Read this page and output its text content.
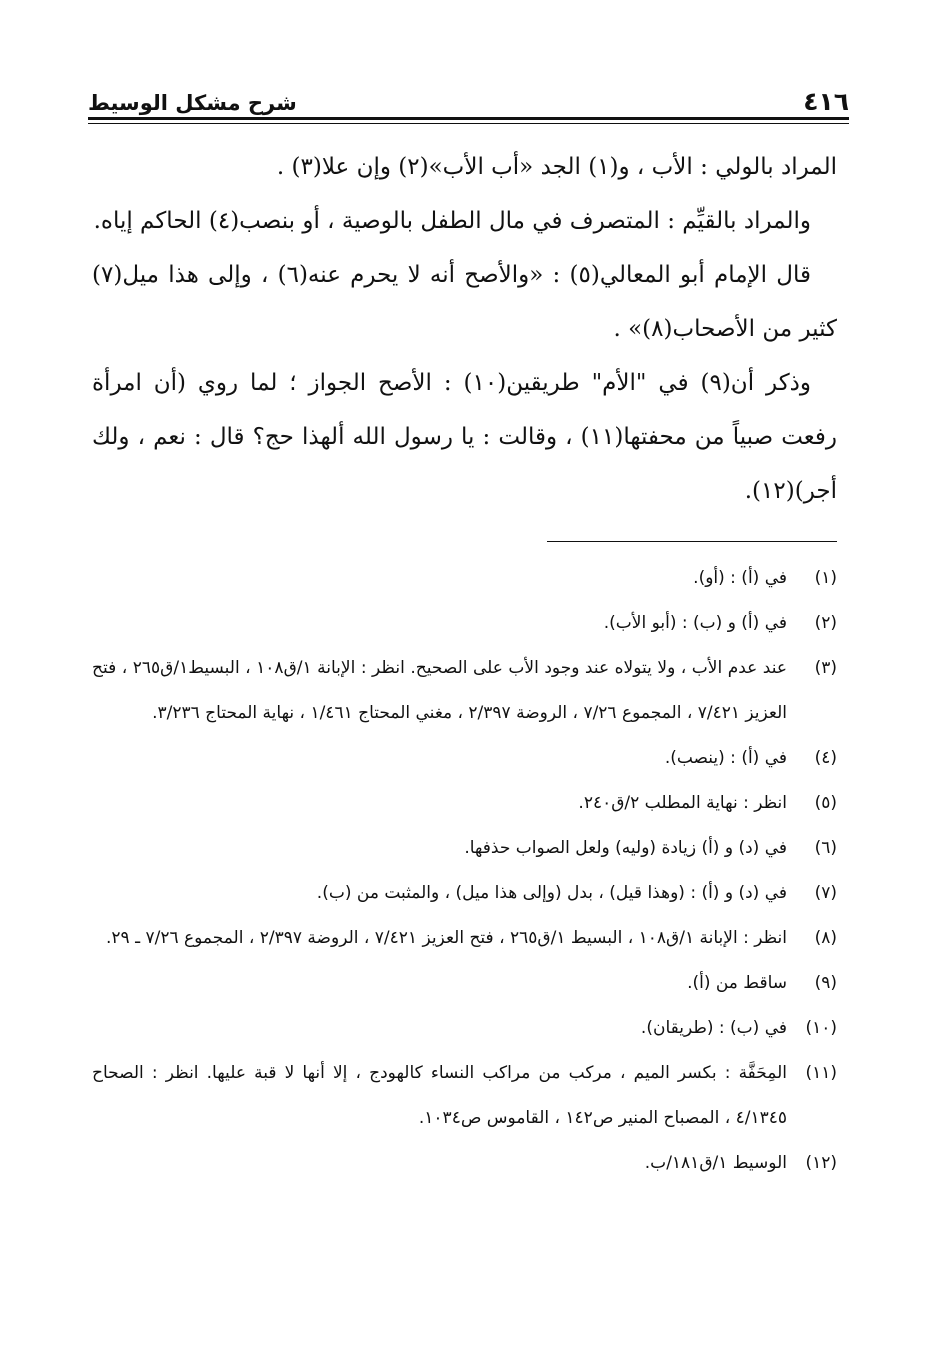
٤١٦
شرح مشكل الوسيط

المراد بالولي : الأب ، و(١) الجد «أب الأب»(٢) وإن علا(٣) .

والمراد بالقيِّم : المتصرف في مال الطفل بالوصية ، أو بنصب(٤) الحاكم إياه.

قال الإمام أبو المعالي(٥) : «والأصح أنه لا يحرم عنه(٦) ، وإلى هذا ميل(٧) كثير من الأصحاب(٨)» .

وذكر أن(٩) في "الأم" طريقين(١٠) : الأصح الجواز ؛ لما روي (أن امرأة رفعت صبياً من محفتها(١١) ، وقالت : يا رسول الله ألهذا حج؟ قال : نعم ، ولك أجر)(١٢).

(١)في (أ) : (أو).

(٢)في (أ) و (ب) : (أبو الأب).

(٣)عند عدم الأب ، ولا يتولاه عند وجود الأب على الصحيح. انظر : الإبانة ١/ق١٠٨ ، البسيط١/ق٢٦٥ ، فتح العزيز ٧/٤٢١ ، المجموع ٧/٢٦ ، الروضة ٢/٣٩٧ ، مغني المحتاج ١/٤٦١ ، نهاية المحتاج ٣/٢٣٦.

(٤)في (أ) : (ينصب).

(٥)انظر : نهاية المطلب ٢/ق٢٤٠.

(٦)في (د) و (أ) زيادة (وليه) ولعل الصواب حذفها.

(٧)في (د) و (أ) : (وهذا قيل) ، بدل (وإلى هذا ميل) ، والمثبت من (ب).

(٨)انظر : الإبانة ١/ق١٠٨ ، البسيط ١/ق٢٦٥ ، فتح العزيز ٧/٤٢١ ، الروضة ٢/٣٩٧ ، المجموع ٧/٢٦ ـ ٢٩.

(٩)ساقط من (أ).

(١٠)في (ب) : (طريقان).

(١١)المِحَفَّة : بكسر الميم ، مركب من مراكب النساء كالهودج ، إلا أنها لا قبة عليها. انظر : الصحاح ٤/١٣٤٥ ، المصباح المنير ص١٤٢ ، القاموس ص١٠٣٤.

(١٢)الوسيط ١/ق١٨١/ب.
